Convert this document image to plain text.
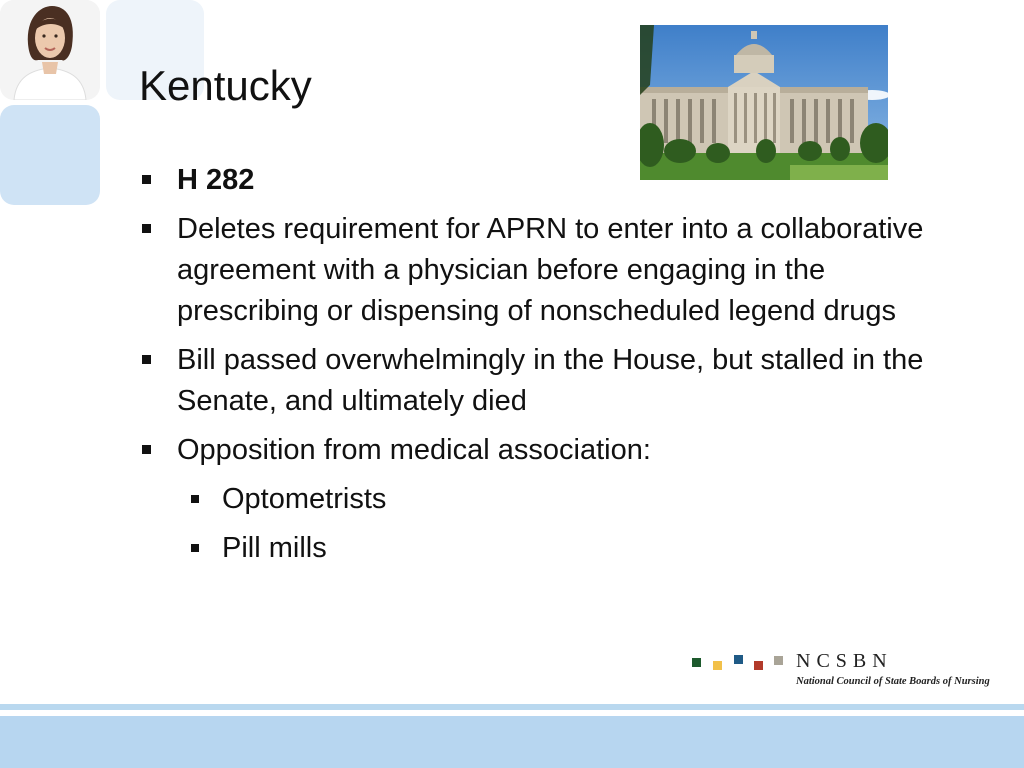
Kentucky
H 282
Deletes requirement for APRN to enter into a collaborative agreement with a physician before engaging in the prescribing or dispensing of nonscheduled legend drugs
Bill passed overwhelmingly in the House, but stalled in the Senate, and ultimately died
Opposition from medical association:
Optometrists
Pill mills
NCSBN
National Council of State Boards of Nursing
